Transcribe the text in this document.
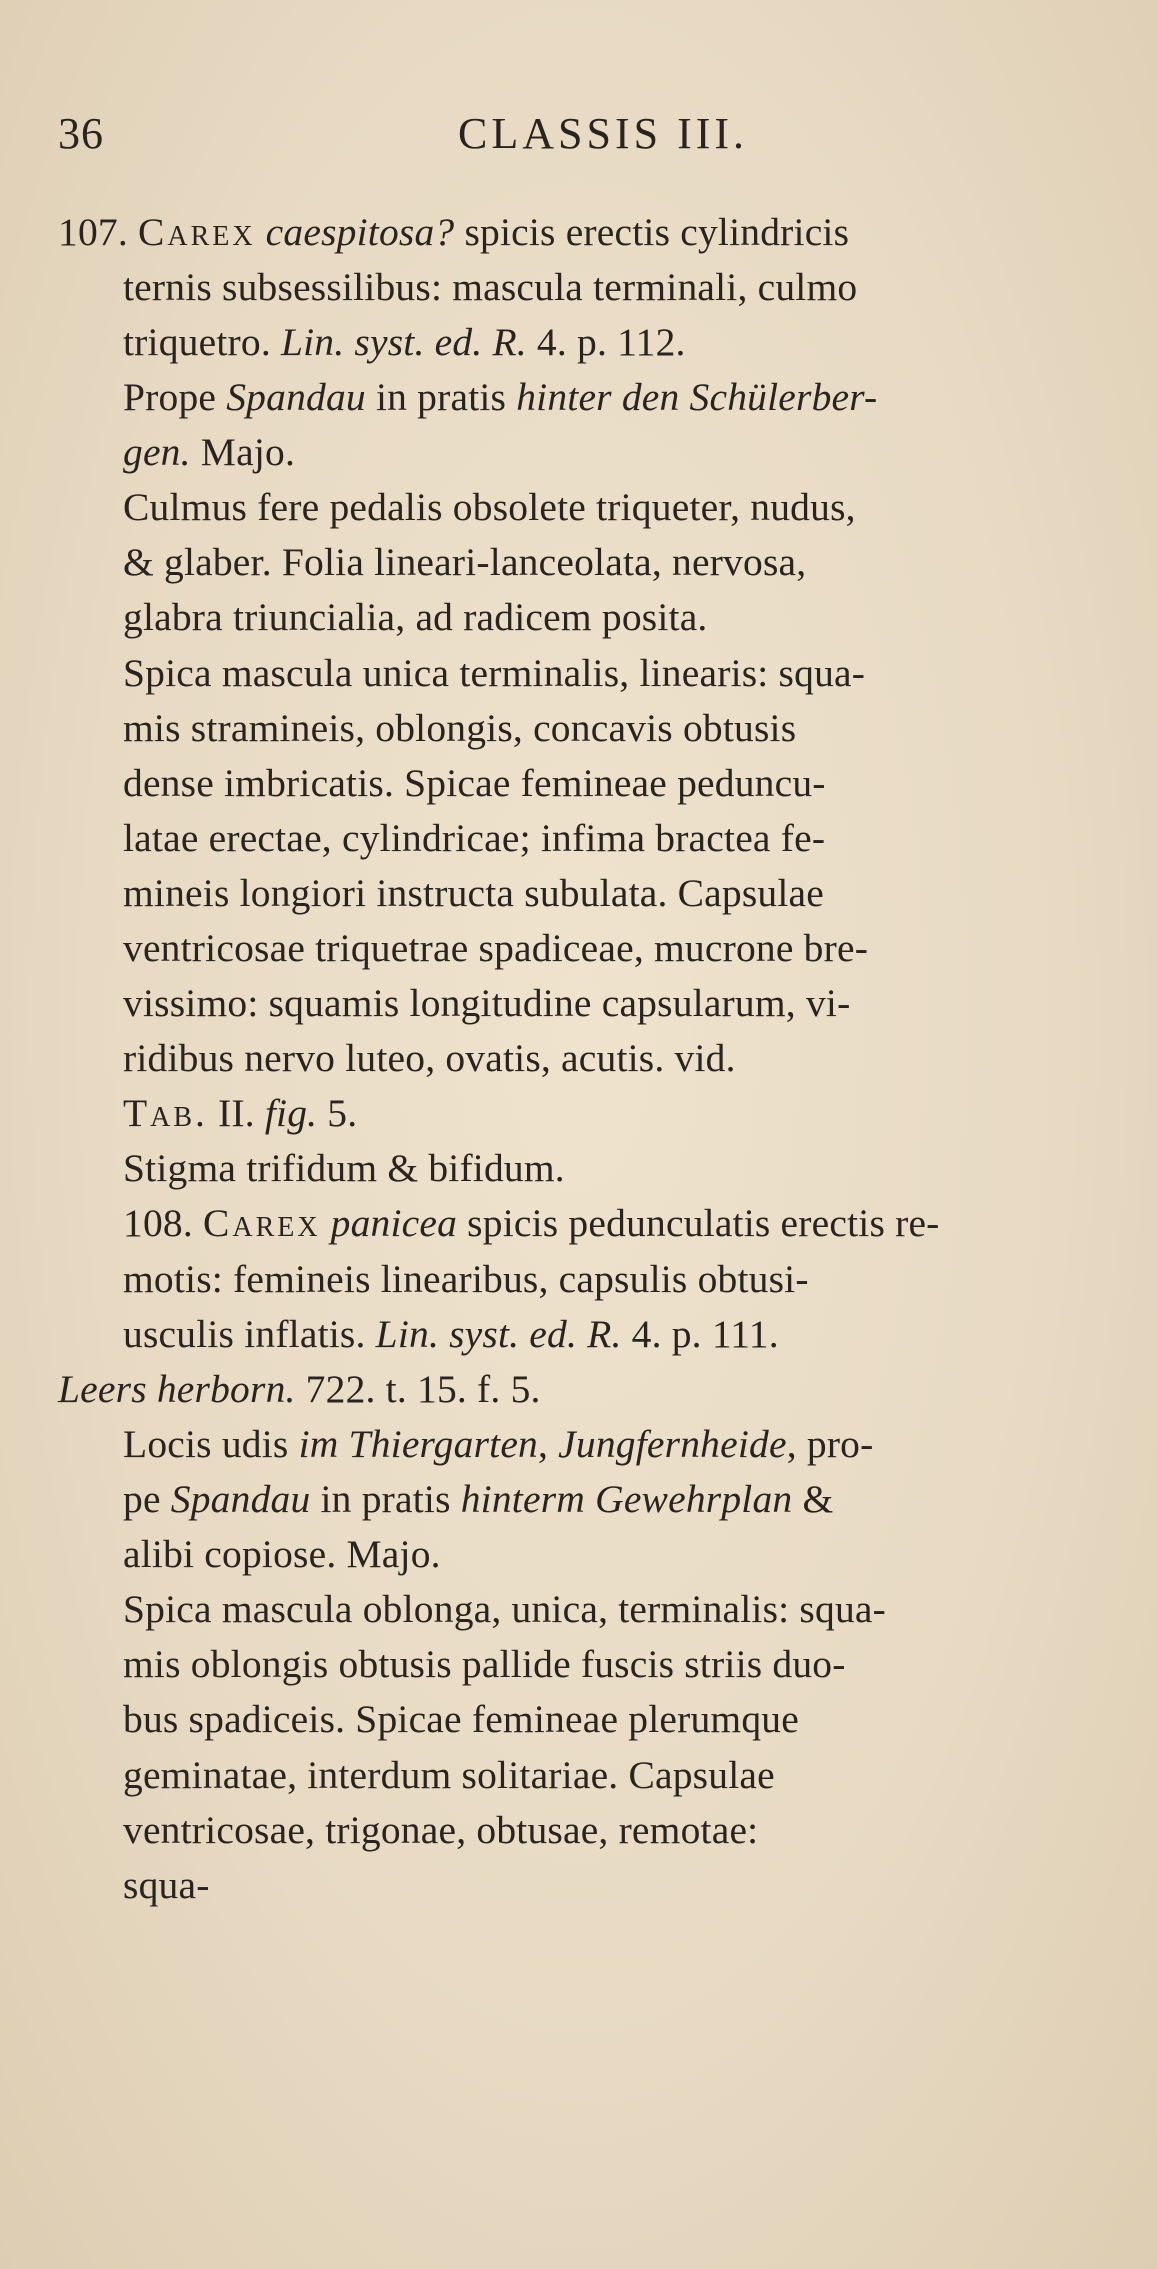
36	CLASSIS III.
107. Carex caespitosa? spicis erectis cylindricis
ternis subsessilibus: mascula terminali, culmo
triquetro. Lin. syst. ed. R. 4. p. 112.
Prope Spandau in pratis hinter den Schülerber-
gen. Majo.
Culmus fere pedalis obsolete triqueter, nudus,
& glaber. Folia lineari-lanceolata, nervosa,
glabra triuncialia, ad radicem posita.
Spica mascula unica terminalis, linearis: squa-
mis stramineis, oblongis, concavis obtusis
dense imbricatis. Spicae femineae peduncu-
latae erectae, cylindricae; infima bractea fe-
mineis longiori instructa subulata. Capsulae
ventricosae triquetrae spadiceae, mucrone bre-
vissimo: squamis longitudine capsularum, vi-
ridibus nervo luteo, ovatis, acutis. vid.
Tab. II. fig. 5.
Stigma trifidum & bifidum.
108. Carex panicea spicis pedunculatis erectis re-
motis: femineis linearibus, capsulis obtusi-
usculis inflatis. Lin. syst. ed. R. 4. p. 111.
Leers herborn. 722. t. 15. f. 5.
Locis udis im Thiergarten, Jungfernheide, pro-
pe Spandau in pratis hinterm Gewehrplan &
alibi copiose. Majo.
Spica mascula oblonga, unica, terminalis: squa-
mis oblongis obtusis pallide fuscis striis duo-
bus spadiceis. Spicae femineae plerumque
geminatae, interdum solitariae. Capsulae
ventricosae, trigonae, obtusae, remotae:
squa-
